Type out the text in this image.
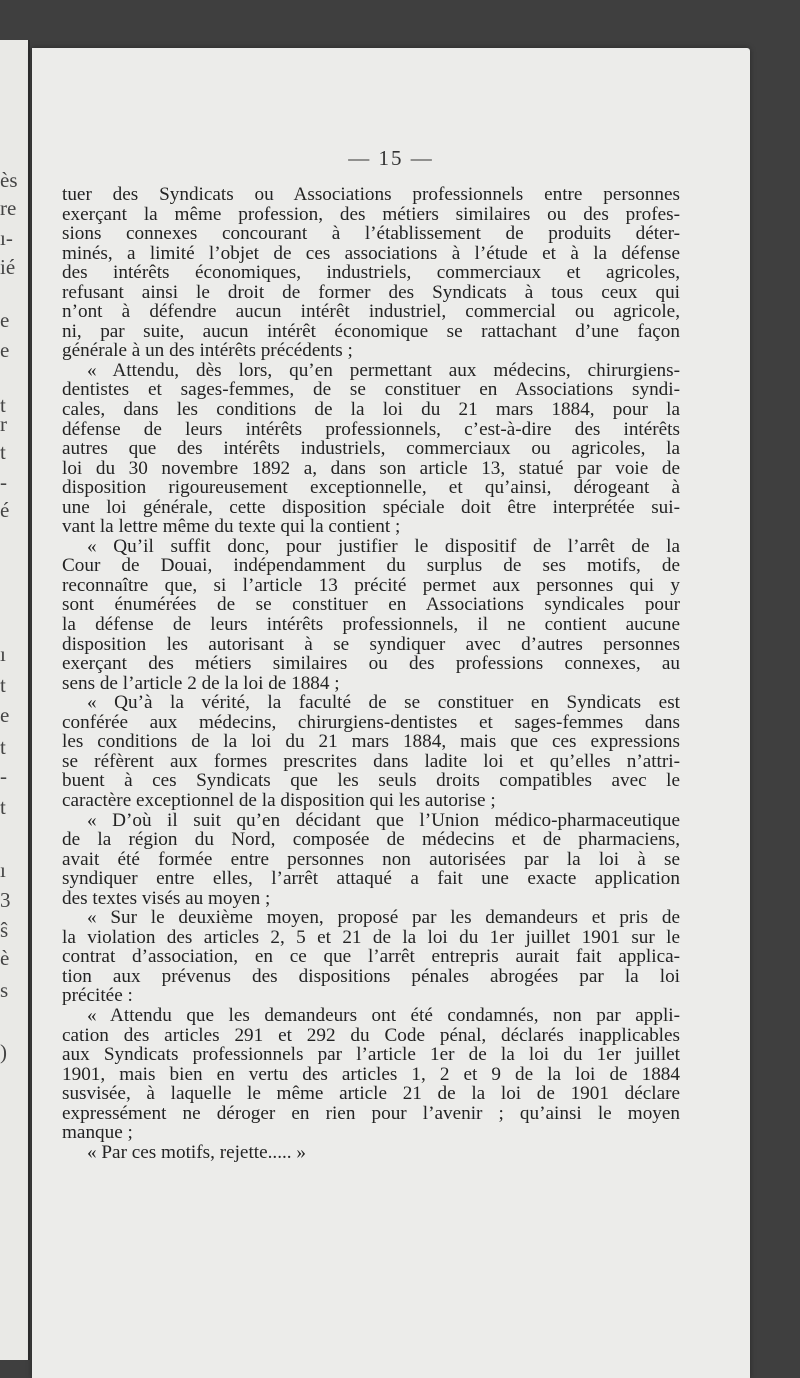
ès
re
ı-
ié
e
e
t
r
t
-
é
ı
t
e
t
-
t
ı
3
ŝ
è
s
)
— 15 —
tuer des Syndicats ou Associations professionnels entre personnes
exerçant la même profession, des métiers similaires ou des profes-
sions connexes concourant à l’établissement de produits déter-
minés, a limité l’objet de ces associations à l’étude et à la défense
des intérêts économiques, industriels, commerciaux et agricoles,
refusant ainsi le droit de former des Syndicats à tous ceux qui
n’ont à défendre aucun intérêt industriel, commercial ou agricole,
ni, par suite, aucun intérêt économique se rattachant d’une façon
générale à un des intérêts précédents ;
« Attendu, dès lors, qu’en permettant aux médecins, chirurgiens-
dentistes et sages-femmes, de se constituer en Associations syndi-
cales, dans les conditions de la loi du 21 mars 1884, pour la
défense de leurs intérêts professionnels, c’est-à-dire des intérêts
autres que des intérêts industriels, commerciaux ou agricoles, la
loi du 30 novembre 1892 a, dans son article 13, statué par voie de
disposition rigoureusement exceptionnelle, et qu’ainsi, dérogeant à
une loi générale, cette disposition spéciale doit être interprétée sui-
vant la lettre même du texte qui la contient ;
« Qu’il suffit donc, pour justifier le dispositif de l’arrêt de la
Cour de Douai, indépendamment du surplus de ses motifs, de
reconnaître que, si l’article 13 précité permet aux personnes qui y
sont énumérées de se constituer en Associations syndicales pour
la défense de leurs intérêts professionnels, il ne contient aucune
disposition les autorisant à se syndiquer avec d’autres personnes
exerçant des métiers similaires ou des professions connexes, au
sens de l’article 2 de la loi de 1884 ;
« Qu’à la vérité, la faculté de se constituer en Syndicats est
conférée aux médecins, chirurgiens-dentistes et sages-femmes dans
les conditions de la loi du 21 mars 1884, mais que ces expressions
se réfèrent aux formes prescrites dans ladite loi et qu’elles n’attri-
buent à ces Syndicats que les seuls droits compatibles avec le
caractère exceptionnel de la disposition qui les autorise ;
« D’où il suit qu’en décidant que l’Union médico-pharmaceutique
de la région du Nord, composée de médecins et de pharmaciens,
avait été formée entre personnes non autorisées par la loi à se
syndiquer entre elles, l’arrêt attaqué a fait une exacte application
des textes visés au moyen ;
« Sur le deuxième moyen, proposé par les demandeurs et pris de
la violation des articles 2, 5 et 21 de la loi du 1er juillet 1901 sur le
contrat d’association, en ce que l’arrêt entrepris aurait fait applica-
tion aux prévenus des dispositions pénales abrogées par la loi
précitée :
« Attendu que les demandeurs ont été condamnés, non par appli-
cation des articles 291 et 292 du Code pénal, déclarés inapplicables
aux Syndicats professionnels par l’article 1er de la loi du 1er juillet
1901, mais bien en vertu des articles 1, 2 et 9 de la loi de 1884
susvisée, à laquelle le même article 21 de la loi de 1901 déclare
expressément ne déroger en rien pour l’avenir ; qu’ainsi le moyen
manque ;
« Par ces motifs, rejette..... »
